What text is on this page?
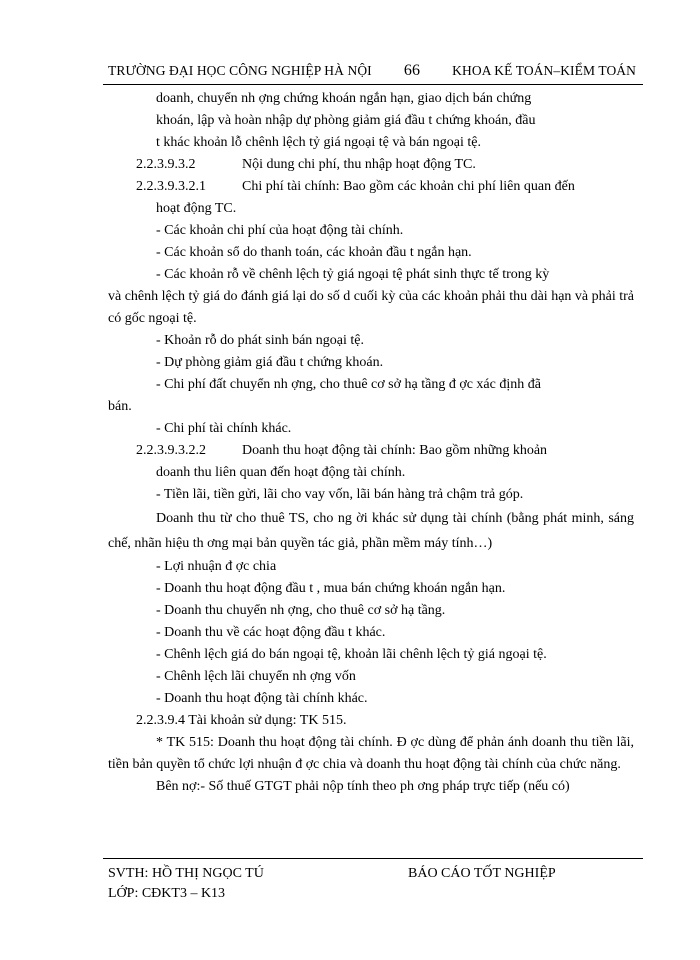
TRƯỜNG ĐẠI HỌC CÔNG NGHIỆP HÀ NỘI 66 KHOA KẾ TOÁN–KIỂM TOÁN

doanh, chuyển nh ợng chứng khoán ngắn hạn, giao dịch bán chứng

khoán, lập và hoàn nhập dự phòng giảm giá đầu t chứng khoán, đầu

t khác khoản lỗ chênh lệch tỷ giá ngoại tệ và bán ngoại tệ.

2.2.3.9.3.2	Nội dung chi phí, thu nhập hoạt động TC.

2.2.3.9.3.2.1	Chi phí tài chính: Bao gồm các khoản chi phí liên quan đến

hoạt động TC.

- Các khoản chi phí của hoạt động tài chính.

- Các khoản sổ do thanh toán, các khoản đầu t ngắn hạn.

- Các khoản rỗ về chênh lệch tỷ giá ngoại tệ phát sinh thực tế trong kỳ

và chênh lệch tỷ giá do đánh giá lại do số d cuối kỳ của các khoản phải thu dài hạn và phải trả có gốc ngoại tệ.

- Khoản rỗ do phát sinh bán ngoại tệ.

- Dự phòng giảm giá đầu t chứng khoán.

- Chi phí đất chuyển nh ợng, cho thuê cơ sở hạ tầng đ ợc xác định đã

bán.

- Chi phí tài chính khác.

2.2.3.9.3.2.2	Doanh thu hoạt động tài chính: Bao gồm những khoản

doanh thu liên quan đến hoạt động tài chính.

- Tiền lãi, tiền gửi, lãi cho vay vốn, lãi bán hàng trả chậm trả góp.

Doanh thu từ cho thuê TS, cho ng ời khác sử dụng tài chính (bằng phát minh, sáng chế, nhãn hiệu th ơng mại bản quyền tác giả, phần mềm máy tính…)

- Lợi nhuận đ ợc chia

- Doanh thu hoạt động đầu t , mua bán chứng khoán ngắn hạn.

- Doanh thu chuyển nh ợng, cho thuê cơ sở hạ tầng.

- Doanh thu về các hoạt động đầu t khác.

- Chênh lệch giá do bán ngoại tệ, khoản lãi chênh lệch tỷ giá ngoại tệ.

- Chênh lệch lãi chuyển nh ợng vốn

- Doanh thu hoạt động tài chính khác.

2.2.3.9.4 Tài khoản sử dụng: TK 515.

* TK 515: Doanh thu hoạt động tài chính. Đ ợc dùng để phản ánh doanh thu tiền lãi, tiền bản quyền tổ chức lợi nhuận đ ợc chia và doanh thu hoạt động tài chính của chức năng.

Bên nợ:- Số thuế GTGT phải nộp tính theo ph ơng pháp trực tiếp (nếu có)

SVTH: HỒ THỊ NGỌC TÚ	BÁO CÁO TỐT NGHIỆP
LỚP: CĐKT3 – K13
